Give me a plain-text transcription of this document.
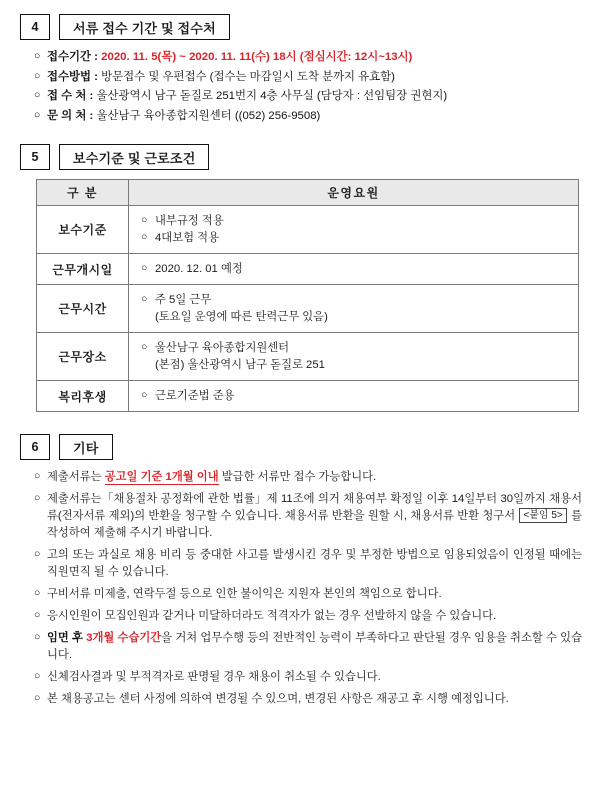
4	서류 접수 기간 및 접수처
○ 접수기간 : 2020. 11. 5(목) ~ 2020. 11. 11(수) 18시 (점심시간: 12시~13시)
○ 접수방법 : 방문접수 및 우편접수 (접수는 마감일시 도착 분까지 유효함)
○ 접 수 처 : 울산광역시 남구 돋질로 251번지 4층 사무실 (담당자 : 선임팀장 권현지)
○ 문 의 처 : 울산남구 육아종합지원센터 ((052) 256-9508)
5	보수기준 및 근로조건
구 분	운영요원
보수기준	○ 내부규정 적용
○ 4대보험 적용

근무개시일	○ 2020. 12. 01 예정

근무시간	○ 주 5일 근무
(토요일 운영에 따른 탄력근무 있음)

근무장소	○ 울산남구 육아종합지원센터
(본점) 울산광역시 남구 돋질로 251

복리후생	○ 근로기준법 준용
6	기타
○ 제출서류는 공고일 기준 1개월 이내 발급한 서류만 접수 가능합니다.
○ 제출서류는「채용절차 공정화에 관한 법률」제 11조에 의거 채용여부 확정일 이후 14일부터 30일까지 채용서류(전자서류 제외)의 반환을 청구할 수 있습니다. 채용서류 반환을 원할 시, 채용서류 반환 청구서 <붙임 5> 를 작성하여 제출해 주시기 바랍니다.
○ 고의 또는 과실로 채용 비리 등 중대한 사고를 발생시킨 경우 및 부정한 방법으로 임용되었음이 인정될 때에는 직원면직 될 수 있습니다.
○ 구비서류 미제출, 연락두절 등으로 인한 불이익은 지원자 본인의 책임으로 합니다.
○ 응시인원이 모집인원과 같거나 미달하더라도 적격자가 없는 경우 선발하지 않을 수 있습니다.
○ 임면 후 3개월 수습기간을 거쳐 업무수행 등의 전반적인 능력이 부족하다고 판단될 경우 임용을 취소할 수 있습니다.
○ 신체검사결과 및 부적격자로 판명될 경우 채용이 취소될 수 있습니다.
○ 본 채용공고는 센터 사정에 의하여 변경될 수 있으며, 변경된 사항은 재공고 후 시행 예정입니다.
